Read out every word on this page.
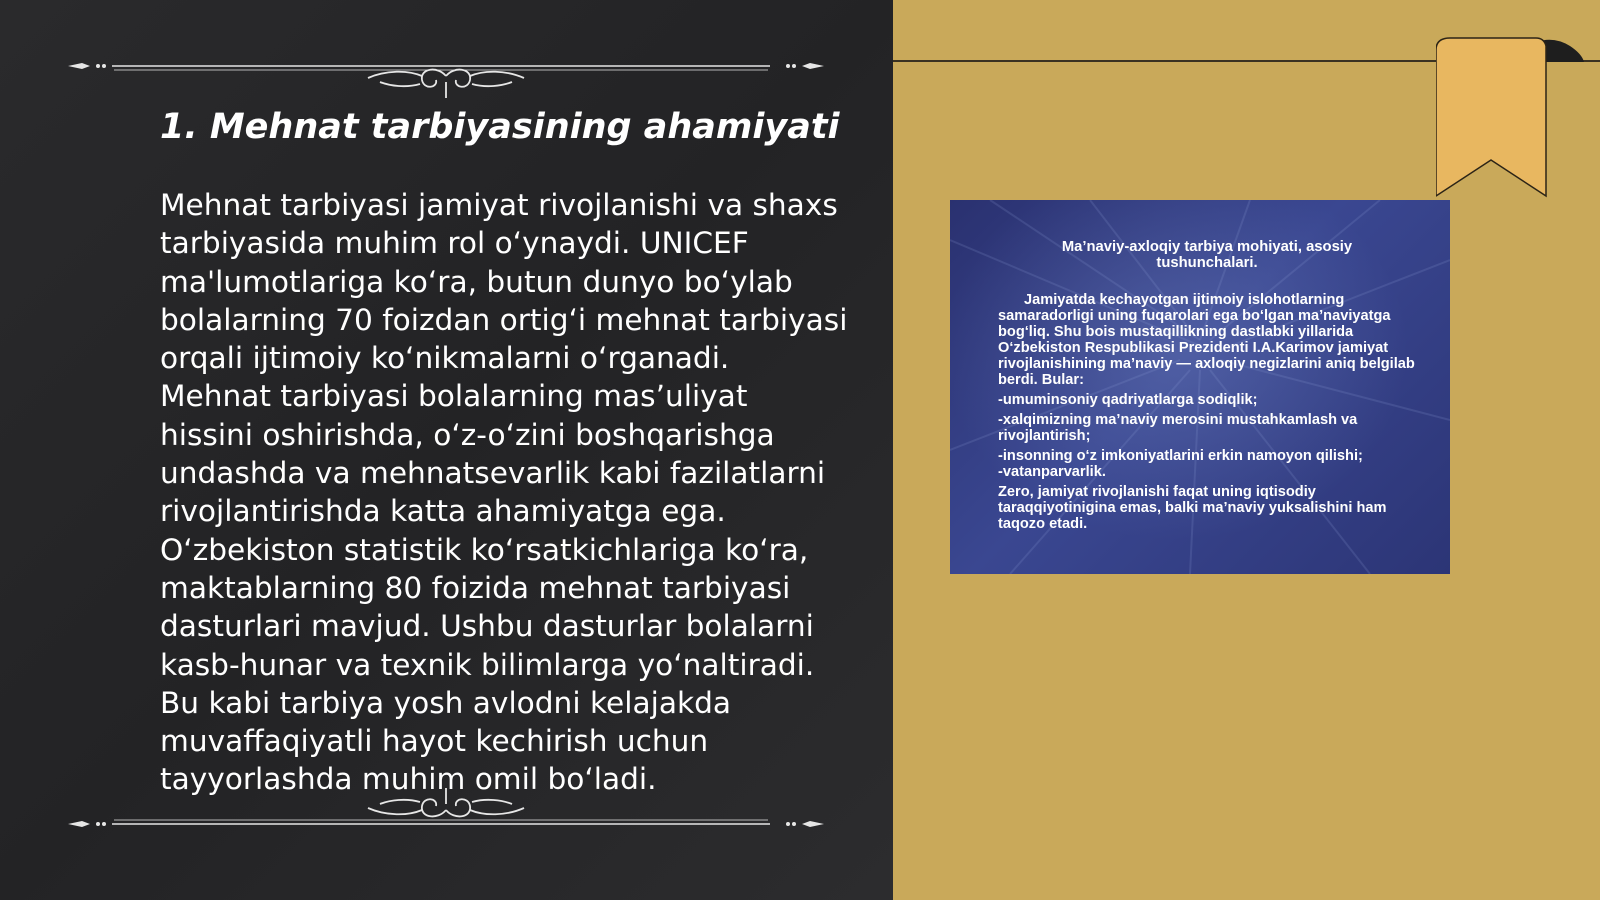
1. Mehnat tarbiyasining ahamiyati

Mehnat tarbiyasi jamiyat rivojlanishi va shaxs tarbiyasida muhim rol o‘ynaydi. UNICEF ma'lumotlariga ko‘ra, butun dunyo bo‘ylab bolalarning 70 foizdan ortig‘i mehnat tarbiyasi orqali ijtimoiy ko‘nikmalarni o‘rganadi. Mehnat tarbiyasi bolalarning mas’uliyat hissini oshirishda, o‘z-o‘zini boshqarishga undashda va mehnatsevarlik kabi fazilatlarni rivojlantirishda katta ahamiyatga ega. O‘zbekiston statistik ko‘rsatkichlariga ko‘ra, maktablarning 80 foizida mehnat tarbiyasi dasturlari mavjud. Ushbu dasturlar bolalarni kasb-hunar va texnik bilimlarga yo‘naltiradi. Bu kabi tarbiya yosh avlodni kelajakda muvaffaqiyatli hayot kechirish uchun tayyorlashda muhim omil bo‘ladi.

Ma’naviy-axloqiy tarbiya mohiyati, asosiy tushunchalari.

Jamiyatda kechayotgan ijtimoiy islohotlarning samaradorligi uning fuqarolari ega bo‘lgan ma’naviyatga bog‘liq. Shu bois mustaqillikning dastlabki yillarida O‘zbekiston Respublikasi Prezidenti I.A.Karimov jamiyat rivojlanishining ma’naviy — axloqiy negizlarini aniq belgilab berdi. Bular:

-umuminsoniy qadriyatlarga sodiqlik;

-xalqimizning ma’naviy merosini mustahkamlash va rivojlantirish;

-insonning o‘z imkoniyatlarini erkin namoyon qilishi;

-vatanparvarlik.

Zero, jamiyat rivojlanishi faqat uning iqtisodiy taraqqiyotinigina emas, balki ma’naviy yuksalishini ham taqozo etadi.
